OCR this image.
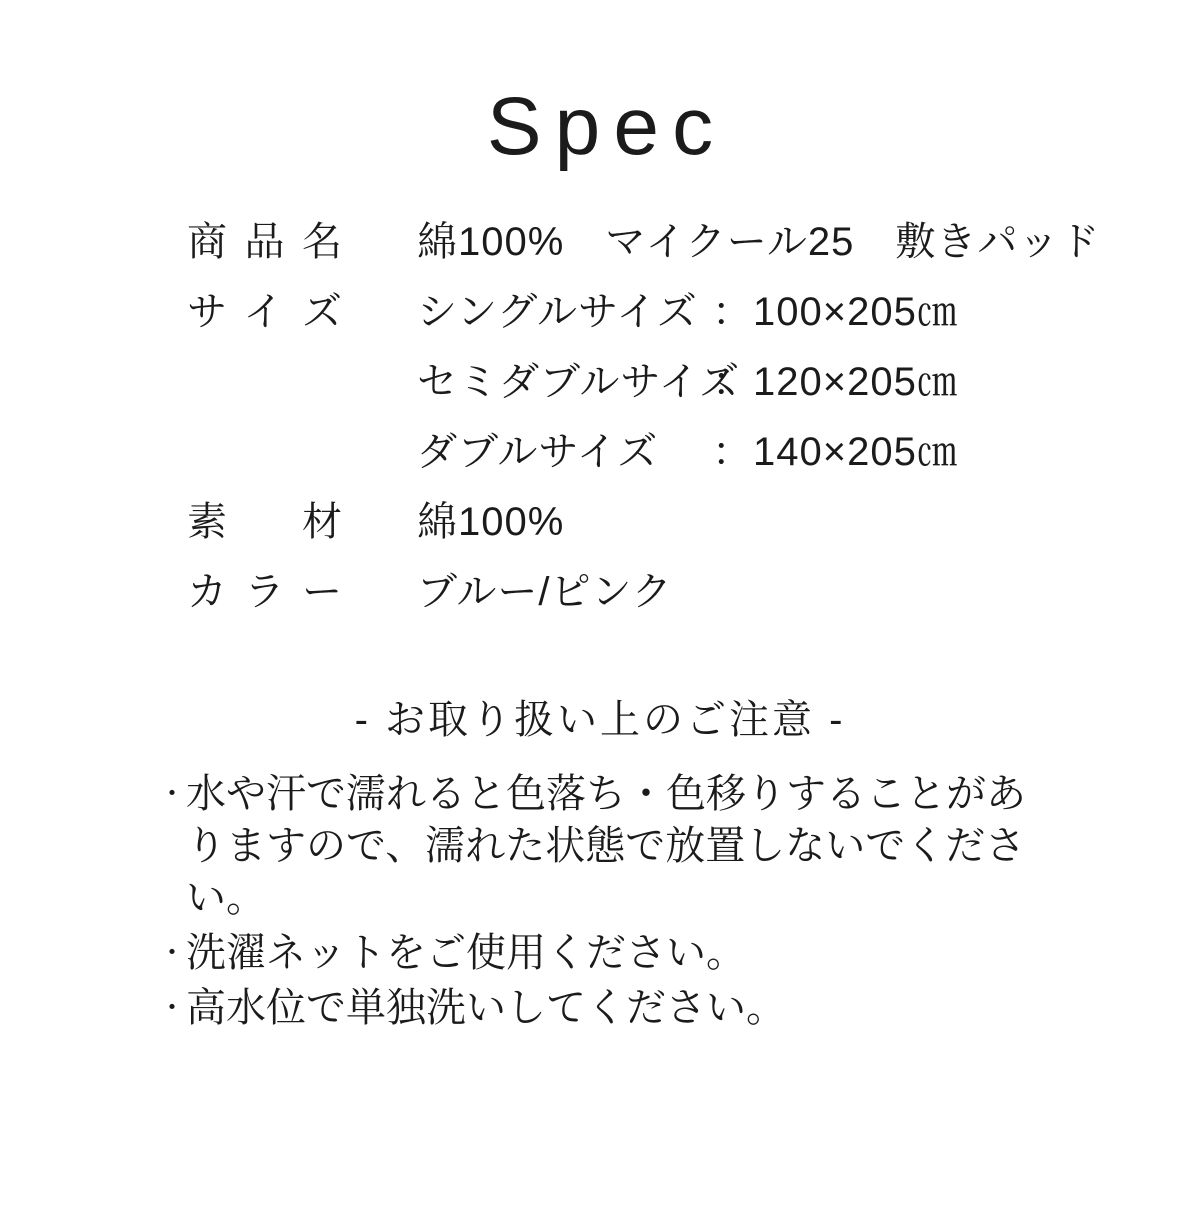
Spec
商品名 綿100%　マイクール25　敷きパッド
サイズ シングルサイズ ：100×205㎝
セミダブルサイズ
：120×205㎝
ダブルサイズ	：140×205㎝
素材 綿100%
カラー ブルー/ピンク
- お取り扱い上のご注意 -
・ 水や汗で濡れると色落ち・色移りすることがありますので、濡れた状態で放置しないでください。
・ 洗濯ネットをご使用ください。
・ 高水位で単独洗いしてください。
